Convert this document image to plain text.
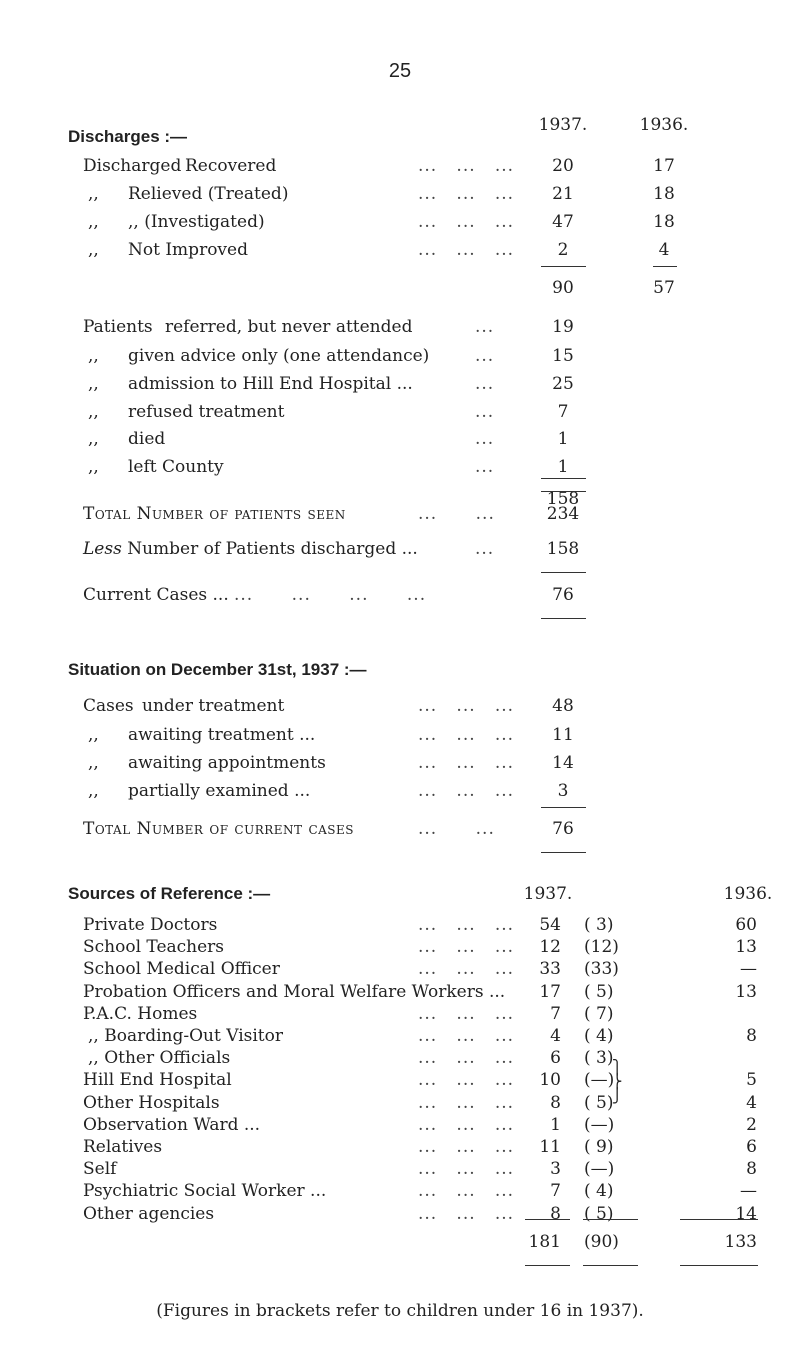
25
1937.	1936.
Discharges :—
Discharged Recovered	...   ...   ...	20	17
,, Relieved (Treated)	...   ...   ...	21	18
,, ,, (Investigated)	...   ...   ...	47	18
,, Not Improved	...   ...   ...	2	4
90	57
Patients referred, but never attended	...	19
,, given advice only (one attendance)	...	15
,, admission to Hill End Hospital ...	...	25
,, refused treatment	...	7
,, died	...	1
,, left County	...	1
158
Total Number of patients seen	...      ...	234
Less Number of Patients discharged ...	...	158
Current Cases ... ...      ...      ...      ...	76
Situation on December 31st, 1937 :—
Cases under treatment	...   ...   ...	48
,, awaiting treatment ...	...   ...   ...	11
,, awaiting appointments	...   ...   ...	14
,, partially examined ...	...   ...   ...	3
Total Number of current cases	...      ...	76
Sources of Reference :—	1937.	1936.
Private Doctors	...   ...   ...	54 ( 3)	60
School Teachers	...   ...   ...	12 (12)	13
School Medical Officer	...   ...   ...	33 (33)	—
Probation Officers and Moral Welfare Workers ...	17 ( 5)	13
P.A.C. Homes	...   ...   ...	7 ( 7)
,, Boarding-Out Visitor	...   ...   ...	4 ( 4)	8
,, Other Officials	...   ...   ...	6 ( 3)
Hill End Hospital	...   ...   ...	10 (—)	5
Other Hospitals	...   ...   ...	8 ( 5)	4
Observation Ward ...	...   ...   ...	1 (—)	2
Relatives	...   ...   ...	11 ( 9)	6
Self	...   ...   ...	3 (—)	8
Psychiatric Social Worker ...	...   ...   ...	7 ( 4)	—
Other agencies	...   ...   ...	8 ( 5)	14
⎫
⎬
⎭
181 (90)	133
(Figures in brackets refer to children under 16 in 1937).
